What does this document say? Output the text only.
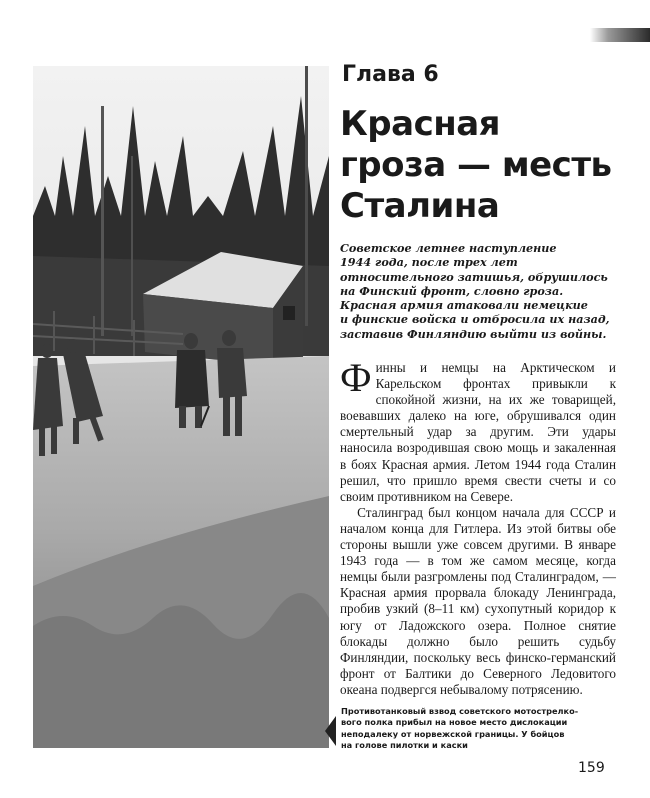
Глава 6
Красная
гроза — месть
Сталина
Советское летнее наступление
1944 года, после трех лет
относительного затишья, обрушилось
на Финский фронт, словно гроза.
Красная армия атаковали немецкие
и финские войска и отбросила их назад,
заставив Финляндию выйти из войны.

Финны и немцы на Арктическом и Карельском фронтах привыкли к спокойной жизни, на их же товарищей, воевавших далеко на юге, обрушивался один смертельный удар за другим. Эти удары наносила возродившая свою мощь и закаленная в боях Красная армия. Летом 1944 года Сталин решил, что пришло время свести счеты и со своим противником на Севере.

Сталинград был концом начала для СССР и началом конца для Гитлера. Из этой битвы обе стороны вышли уже совсем другими. В январе 1943 года — в том же самом месяце, когда немцы были разгромлены под Сталинградом, — Красная армия прорвала блокаду Ленинграда, пробив узкий (8–11 км) сухопутный коридор к югу от Ладожского озера. Полное снятие блокады должно было решить судьбу Финляндии, поскольку весь финско-германский фронт от Балтики до Северного Ледовитого океана подвергся небывалому потрясению.

Противотанковый взвод советского мотострелко-
вого полка прибыл на новое место дислокации
неподалеку от норвежской границы. У бойцов
на голове пилотки и каски
159
